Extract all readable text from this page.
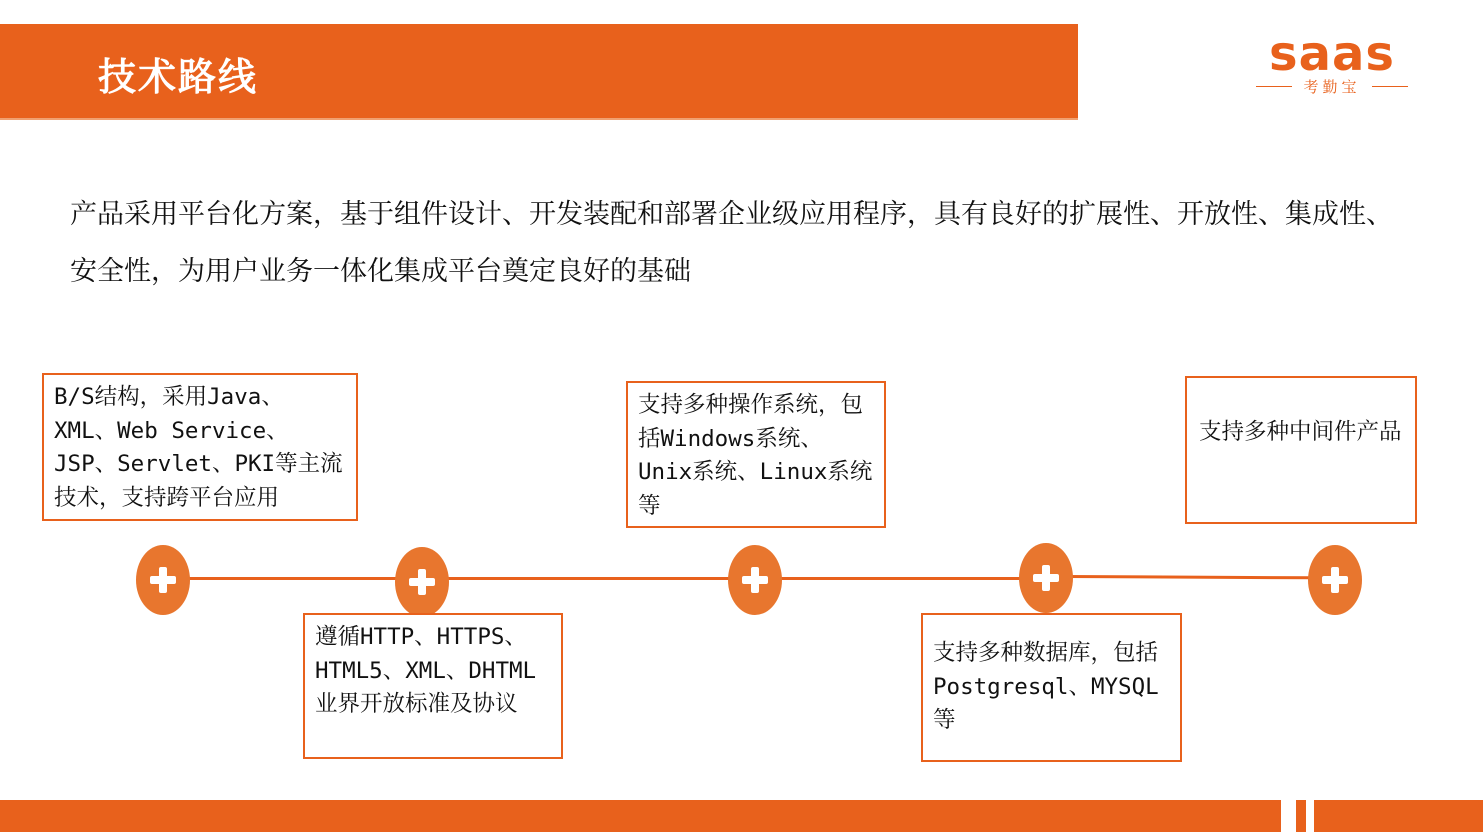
技术路线	saas
考勤宝
产品采用平台化方案，基于组件设计、开发装配和部署企业级应用程序，具有良好的扩展性、开放性、集成性、安全性，为用户业务一体化集成平台奠定良好的基础
B/S结构，采用Java、XML、Web Service、JSP、Servlet、PKI等主流技术，支持跨平台应用
遵循HTTP、HTTPS、HTML5、XML、DHTML业界开放标准及协议
支持多种操作系统，包括Windows系统、Unix系统、Linux系统等
支持多种数据库，包括Postgresql、MYSQL等
支持多种中间件产品
